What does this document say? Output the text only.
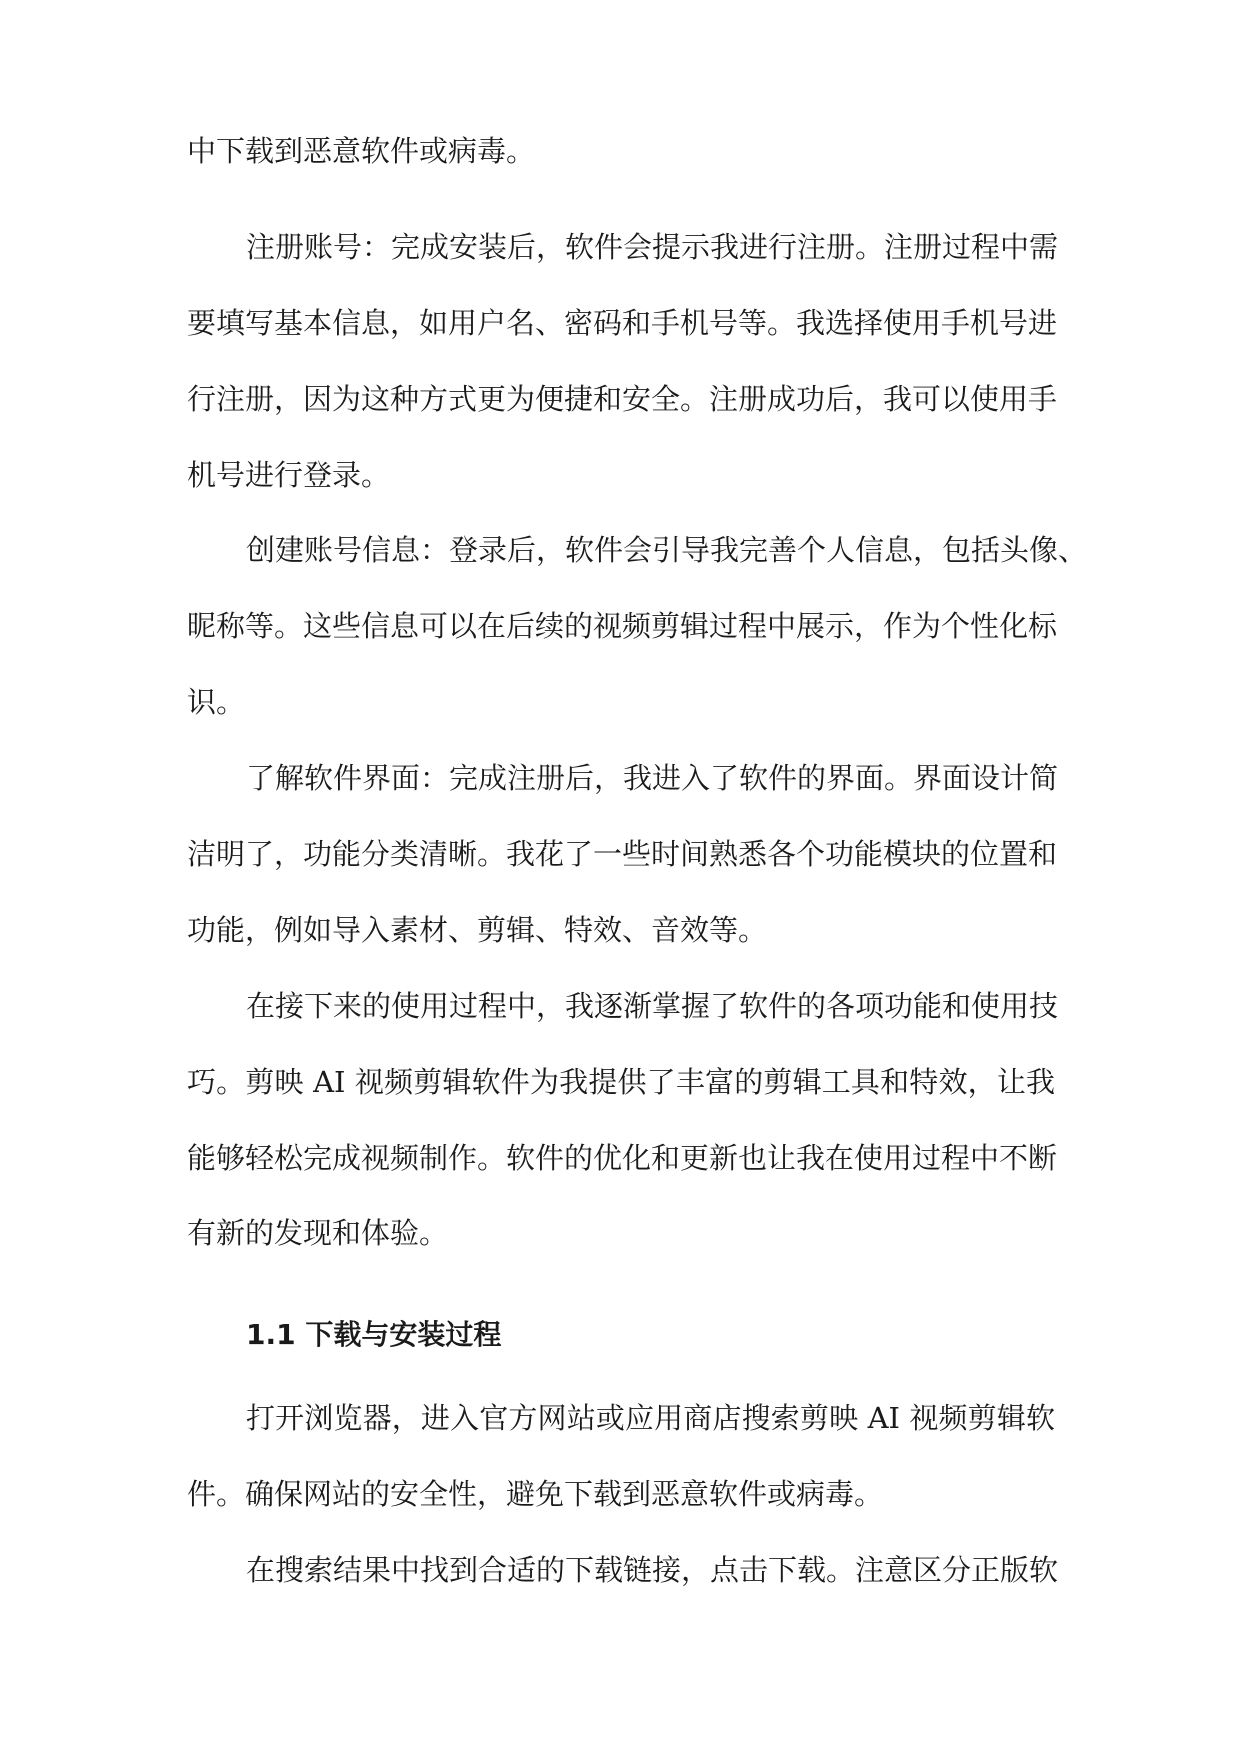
中下载到恶意软件或病毒。
注册账号：完成安装后，软件会提示我进行注册。注册过程中需
要填写基本信息，如用户名、密码和手机号等。我选择使用手机号进
行注册，因为这种方式更为便捷和安全。注册成功后，我可以使用手
机号进行登录。
创建账号信息：登录后，软件会引导我完善个人信息，包括头像、
昵称等。这些信息可以在后续的视频剪辑过程中展示，作为个性化标
识。
了解软件界面：完成注册后，我进入了软件的界面。界面设计简
洁明了，功能分类清晰。我花了一些时间熟悉各个功能模块的位置和
功能，例如导入素材、剪辑、特效、音效等。
在接下来的使用过程中，我逐渐掌握了软件的各项功能和使用技
巧。剪映 AI 视频剪辑软件为我提供了丰富的剪辑工具和特效，让我
能够轻松完成视频制作。软件的优化和更新也让我在使用过程中不断
有新的发现和体验。
1.1 下载与安装过程
打开浏览器，进入官方网站或应用商店搜索剪映 AI 视频剪辑软
件。确保网站的安全性，避免下载到恶意软件或病毒。
在搜索结果中找到合适的下载链接，点击下载。注意区分正版软
